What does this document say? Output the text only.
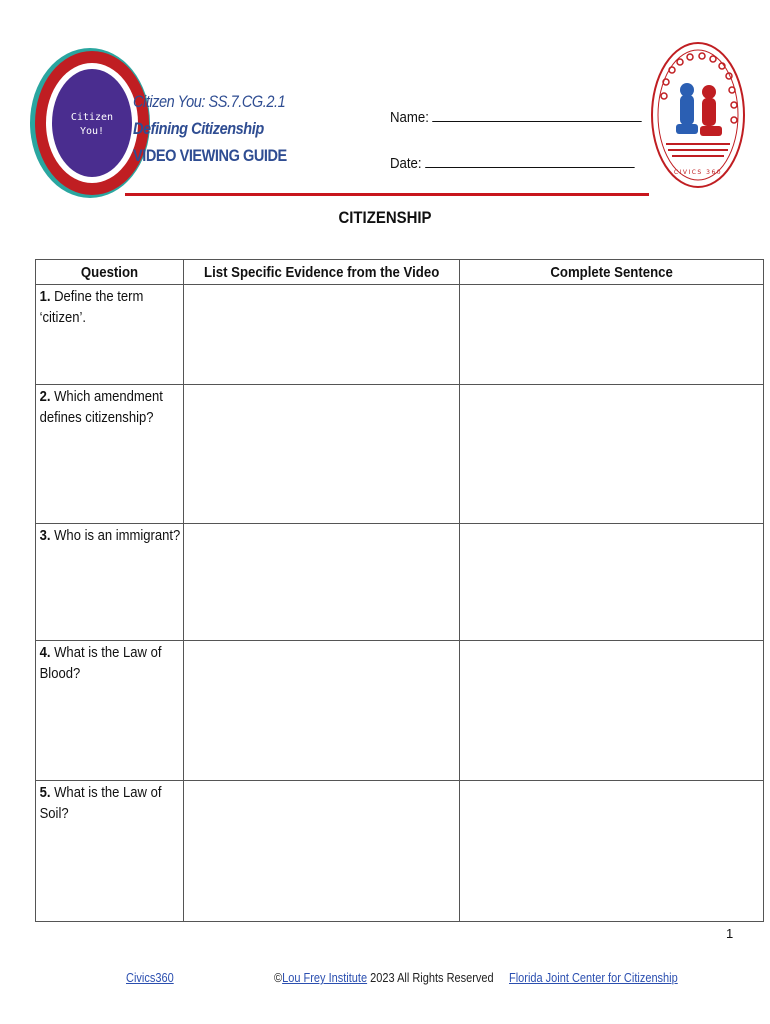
Citizen
You!
Citizen You: SS.7.CG.2.1
Defining Citizenship
VIDEO VIEWING GUIDE
Name:
Date:
CIVICS 360
CITIZENSHIP
Question	List Specific Evidence from the Video	Complete Sentence

1. Define the term ‘citizen’.		

2. Which amendment defines citizenship?		

3. Who is an immigrant?		

4. What is the Law of Blood?		

5. What is the Law of Soil?		

1
Civics360	©Lou Frey Institute 2023 All Rights Reserved Florida Joint Center for Citizenship
